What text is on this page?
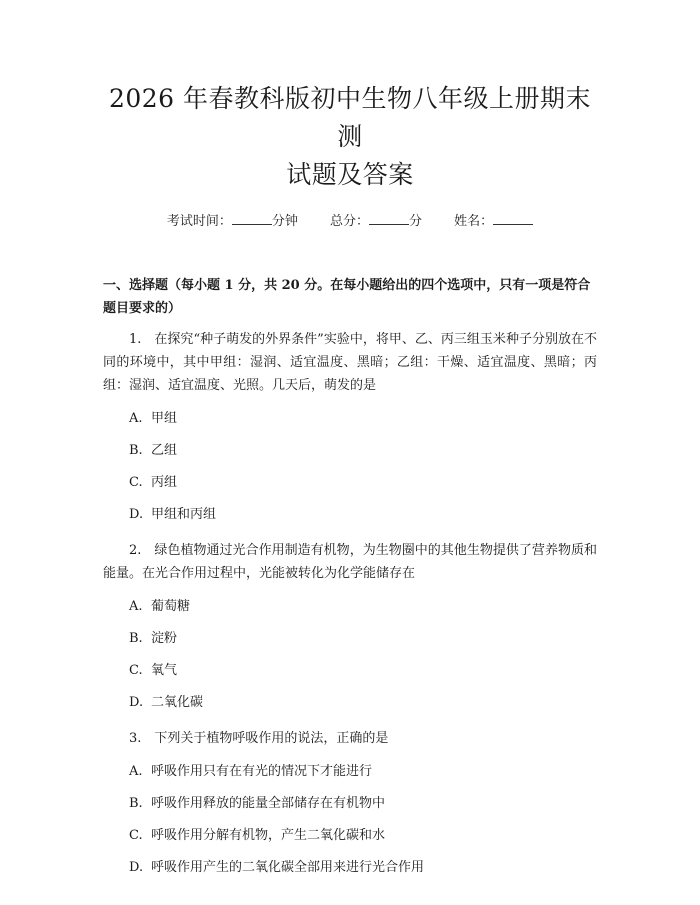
2026 年春教科版初中生物八年级上册期末测
试题及答案
考试时间：	分钟 总分：	分 姓名：
一、选择题（每小题 1 分，共 20 分。在每小题给出的四个选项中，只有一项是符合题目要求的）
1.　在探究“种子萌发的外界条件”实验中，将甲、乙、丙三组玉米种子分别放在不同的环境中，其中甲组：湿润、适宜温度、黑暗；乙组：干燥、适宜温度、黑暗；丙组：湿润、适宜温度、光照。几天后，萌发的是
A. 甲组
B. 乙组
C. 丙组
D. 甲组和丙组
2.　绿色植物通过光合作用制造有机物，为生物圈中的其他生物提供了营养物质和能量。在光合作用过程中，光能被转化为化学能储存在
A. 葡萄糖
B. 淀粉
C. 氧气
D. 二氧化碳
3.　下列关于植物呼吸作用的说法，正确的是
A. 呼吸作用只有在有光的情况下才能进行
B. 呼吸作用释放的能量全部储存在有机物中
C. 呼吸作用分解有机物，产生二氧化碳和水
D. 呼吸作用产生的二氧化碳全部用来进行光合作用
